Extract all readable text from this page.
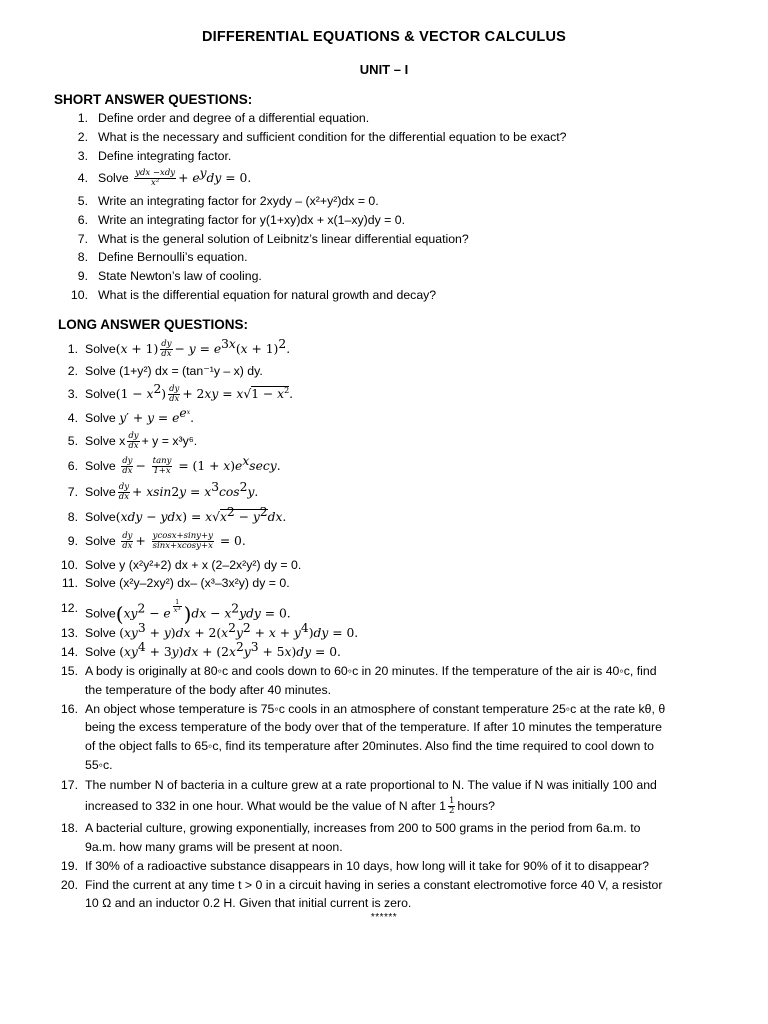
DIFFERENTIAL EQUATIONS & VECTOR CALCULUS
UNIT – I
SHORT ANSWER QUESTIONS:
1. Define order and degree of a differential equation.
2. What is the necessary and sufficient condition for the differential equation to be exact?
3. Define integrating factor.
4. Solve $\frac{\text{ydx −xdy}}{\text{x²}} + e^ydy = 0$.
5. Write an integrating factor for 2xydy – (x²+y²)dx = 0.
6. Write an integrating factor for y(1+xy)dx + x(1–xy)dy = 0.
7. What is the general solution of Leibnitz’s linear differential equation?
8. Define Bernoulli’s equation.
9. State Newton’s law of cooling.
10. What is the differential equation for natural growth and decay?
LONG ANSWER QUESTIONS:
1. Solve(x + $1) \frac{dy}{dx} - y = e^{3x}(x + 1)^2$.
2. Solve (1+y²) dx = (tan⁻¹y – x) dy.
3. Solve(1 − $x^2) \frac{dy}{dx} + 2xy = x√1 - x^2$.
4. Solve $y' + y = e^{e^x}$.
5. Solve x $\frac{dy}{dx} + y = x^3y^6$.
6. Solve $\frac{dy}{dx} - \frac{\tan y}{1+x} = (1 + x)e^x\sec y$.
7. Solve $\frac{dy}{dx} + xsin2y = x^3\cos^2y$.
8. Solve(xdy − $ydx) = x√x^2 - y^2dx$.
9. Solve $\frac{dy}{dx} + \frac{ycosx+\sin y+y}{\sin x+xcosy+x} = 0$.
10. Solve y (x²y²+2) dx + x (2–2x²y²) dy = 0.
11. Solve (x²y–2xy²) dx– (x³–3x²y) dy = 0.
12. $Solve(xy^2 - e$
$^{\frac{1}{x^3}}$ )$dx - x^2ydy = 0$.
13. Solve $(xy^3 + y)dx + 2(x^2y^2 + x + y^4)dy = 0$.
14. Solve $(xy^4 + 3y)dx + (2x^2y^3 + 5x)dy = 0$.
15. A body is originally at 80◦c and cools down to 60◦c in 20 minutes. If the temperature of the air is 40◦c, find
the temperature of the body after 40 minutes.
16. An object whose temperature is 75◦c cools in an atmosphere of constant temperature 25◦c at the rate kθ, θ
being the excess temperature of the body over that of the temperature. If after 10 minutes the temperature
of the object falls to 65◦c, find its temperature after 20minutes. Also find the time required to cool down to
55◦c.
17. The number N of bacteria in a culture grew at a rate proportional to N. The value if N was initially 100 and
increased to 332 in one hour. What would be the value of N after $1 \frac{1}{2}$ hours?
18. A bacterial culture, growing exponentially, increases from 200 to 500 grams in the period from 6a.m. to
9a.m. how many grams will be present at noon.
19. If 30% of a radioactive substance disappears in 10 days, how long will it take for 90% of it to disappear?
20. Find the current at any time t > 0 in a circuit having in series a constant electromotive force 40 V, a resistor
10 Ω and an inductor 0.2 H. Given that initial current is zero.
******
